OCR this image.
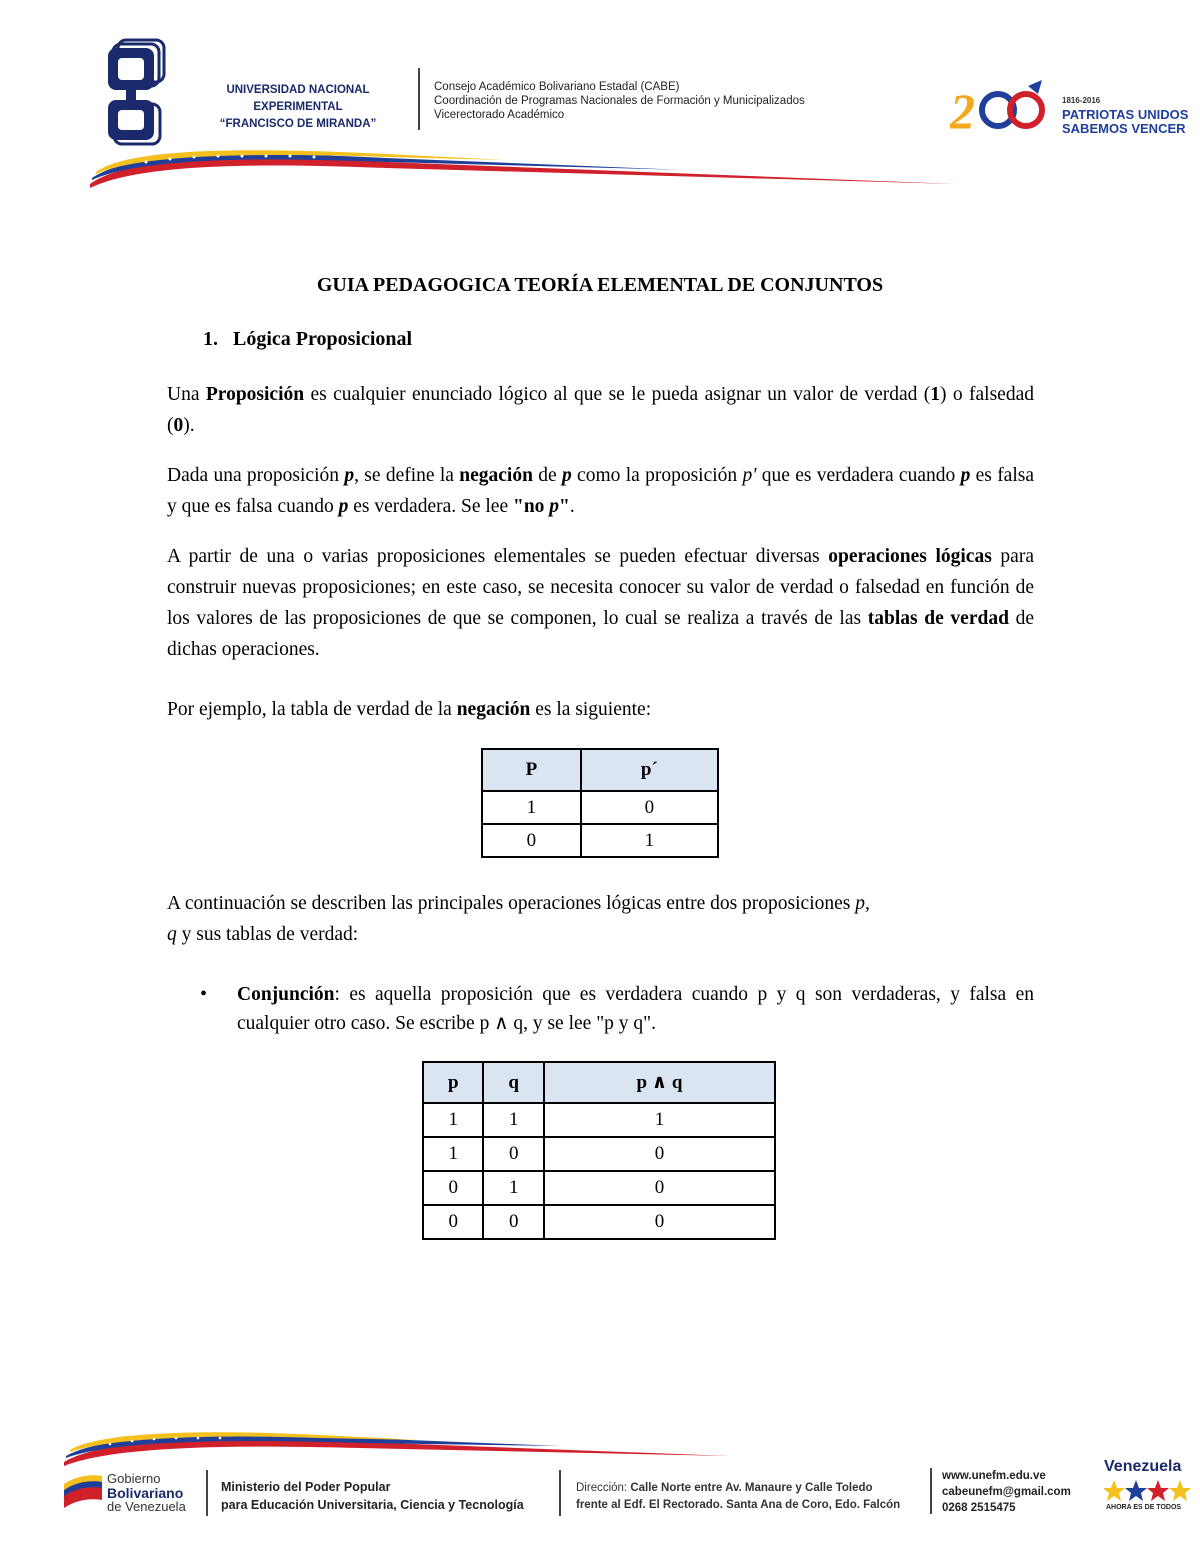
UNIVERSIDAD NACIONAL EXPERIMENTAL
“FRANCISCO DE MIRANDA”
Consejo Académico Bolivariano Estadal (CABE)
Coordinación de Programas Nacionales de Formación y Municipalizados
Vicerectorado Académico	2	1816-2016
PATRIOTAS UNIDOS
SABEMOS VENCER
GUIA PEDAGOGICA TEORÍA ELEMENTAL DE CONJUNTOS
1. Lógica Proposicional
Una Proposición es cualquier enunciado lógico al que se le pueda asignar un valor de verdad (1) o falsedad (0).
Dada una proposición p, se define la negación de p como la proposición p' que es verdadera cuando p es falsa y que es falsa cuando p es verdadera. Se lee "no p".
A partir de una o varias proposiciones elementales se pueden efectuar diversas operaciones lógicas para construir nuevas proposiciones; en este caso, se necesita conocer su valor de verdad o falsedad en función de los valores de las proposiciones de que se componen, lo cual se realiza a través de las tablas de verdad de dichas operaciones.
Por ejemplo, la tabla de verdad de la negación es la siguiente:
P	p´
1	0
0	1
A continuación se describen las principales operaciones lógicas entre dos proposiciones p,
q y sus tablas de verdad:
• Conjunción: es aquella proposición que es verdadera cuando p y q son verdaderas, y falsa en cualquier otro caso. Se escribe p ∧ q, y se lee "p y q".
p	q	p ∧ q
1	1	1
1	0	0
0	1	0
0	0	0
Gobierno
Bolivariano
de Venezuela
Ministerio del Poder Popular
para Educación Universitaria, Ciencia y Tecnología
Dirección: Calle Norte entre Av. Manaure y Calle Toledo
frente al Edf. El Rectorado. Santa Ana de Coro, Edo. Falcón
www.unefm.edu.ve
cabeunefm@gmail.com
0268 2515475
Venezuela
AHORA ES DE TODOS
